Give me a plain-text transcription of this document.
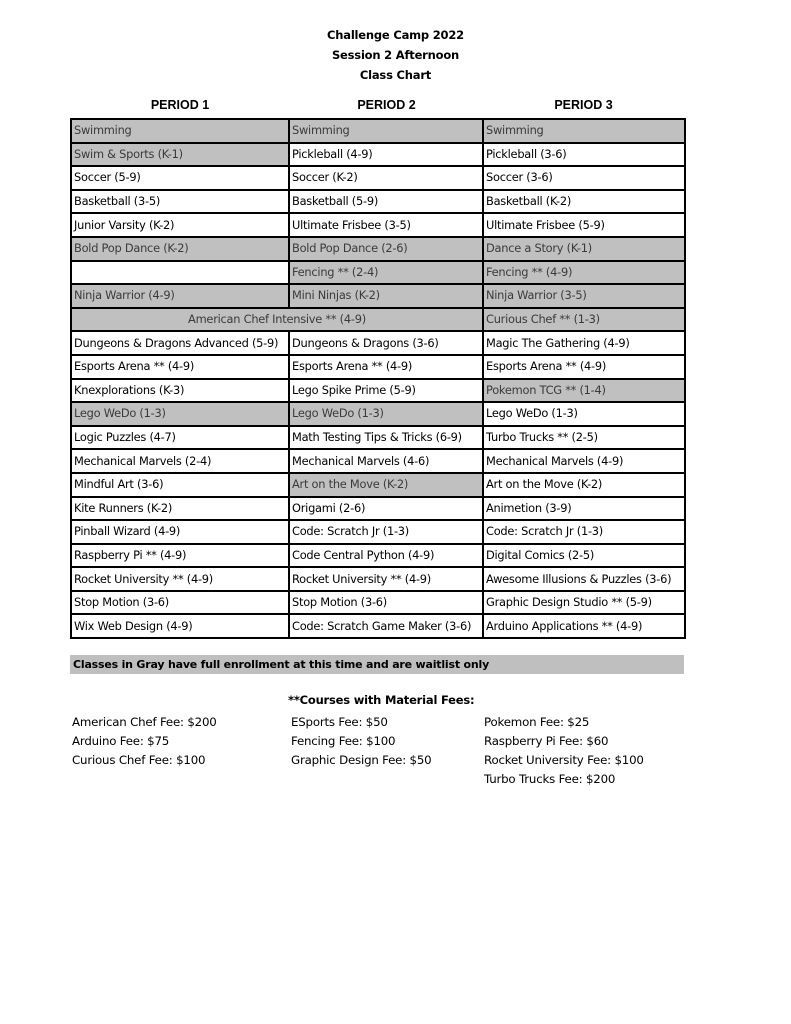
Challenge Camp 2022
Session 2 Afternoon
Class Chart
PERIOD 1	PERIOD 2	PERIOD 3
Swimming	Swimming	Swimming
Swim & Sports (K-1)	Pickleball (4-9)	Pickleball (3-6)
Soccer (5-9)	Soccer (K-2)	Soccer (3-6)
Basketball (3-5)	Basketball (5-9)	Basketball (K-2)
Junior Varsity (K-2)	Ultimate Frisbee (3-5)	Ultimate Frisbee (5-9)
Bold Pop Dance (K-2)	Bold Pop Dance (2-6)	Dance a Story (K-1)
	Fencing ** (2-4)	Fencing ** (4-9)
Ninja Warrior (4-9)	Mini Ninjas (K-2)	Ninja Warrior (3-5)
American Chef Intensive ** (4-9)		Curious Chef ** (1-3)
Dungeons & Dragons Advanced (5-9)	Dungeons & Dragons (3-6)	Magic The Gathering (4-9)
Esports Arena ** (4-9)	Esports Arena ** (4-9)	Esports Arena ** (4-9)
Knexplorations (K-3)	Lego Spike Prime (5-9)	Pokemon TCG ** (1-4)
Lego WeDo (1-3)	Lego WeDo (1-3)	Lego WeDo (1-3)
Logic Puzzles (4-7)	Math Testing Tips & Tricks (6-9)	Turbo Trucks ** (2-5)
Mechanical Marvels (2-4)	Mechanical Marvels (4-6)	Mechanical Marvels (4-9)
Mindful Art (3-6)	Art on the Move (K-2)	Art on the Move (K-2)
Kite Runners (K-2)	Origami (2-6)	Animetion (3-9)
Pinball Wizard (4-9)	Code: Scratch Jr (1-3)	Code: Scratch Jr (1-3)
Raspberry Pi ** (4-9)	Code Central Python (4-9)	Digital Comics (2-5)
Rocket University ** (4-9)	Rocket University ** (4-9)	Awesome Illusions & Puzzles (3-6)
Stop Motion (3-6)	Stop Motion (3-6)	Graphic Design Studio ** (5-9)
Wix Web Design (4-9)	Code: Scratch Game Maker (3-6)	Arduino Applications ** (4-9)
Classes in Gray have full enrollment at this time and are waitlist only
**Courses with Material Fees:
American Chef Fee: $200
Arduino Fee: $75
Curious Chef Fee: $100
ESports Fee: $50
Fencing Fee: $100
Graphic Design Fee: $50
Pokemon Fee: $25
Raspberry Pi Fee: $60
Rocket University Fee: $100
Turbo Trucks Fee: $200
